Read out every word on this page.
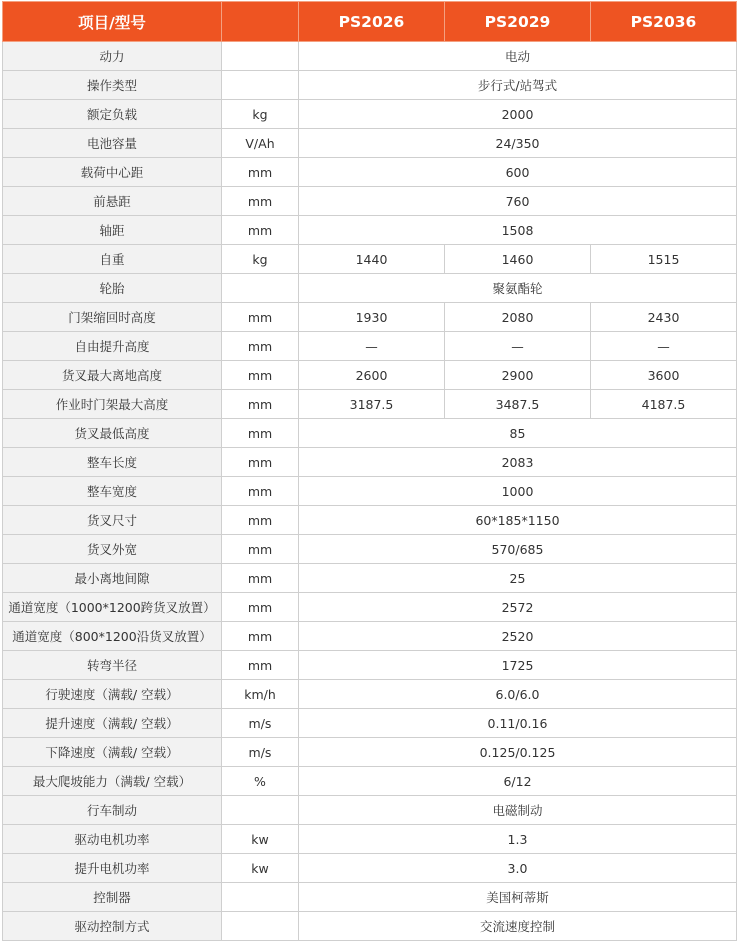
项目/型号		PS2026	PS2029	PS2036
动力		电动		
操作类型		步行式/站驾式		
额定负载	kg	2000		
电池容量	V/Ah	24/350		
载荷中心距	mm	600		
前悬距	mm	760		
轴距	mm	1508		
自重	kg	1440	1460	1515
轮胎		聚氨酯轮		
门架缩回时高度	mm	1930	2080	2430
自由提升高度	mm	—	—	—
货叉最大离地高度	mm	2600	2900	3600
作业时门架最大高度	mm	3187.5	3487.5	4187.5
货叉最低高度	mm	85		
整车长度	mm	2083		
整车宽度	mm	1000		
货叉尺寸	mm	60*185*1150		
货叉外宽	mm	570/685		
最小离地间隙	mm	25		
通道宽度（1000*1200跨货叉放置）	mm	2572		
通道宽度（800*1200沿货叉放置）	mm	2520		
转弯半径	mm	1725		
行驶速度（满载/ 空载）	km/h	6.0/6.0		
提升速度（满载/ 空载）	m/s	0.11/0.16		
下降速度（满载/ 空载）	m/s	0.125/0.125		
最大爬坡能力（满载/ 空载）	%	6/12		
行车制动		电磁制动		
驱动电机功率	kw	1.3		
提升电机功率	kw	3.0		
控制器		美国柯蒂斯		
驱动控制方式		交流速度控制		
